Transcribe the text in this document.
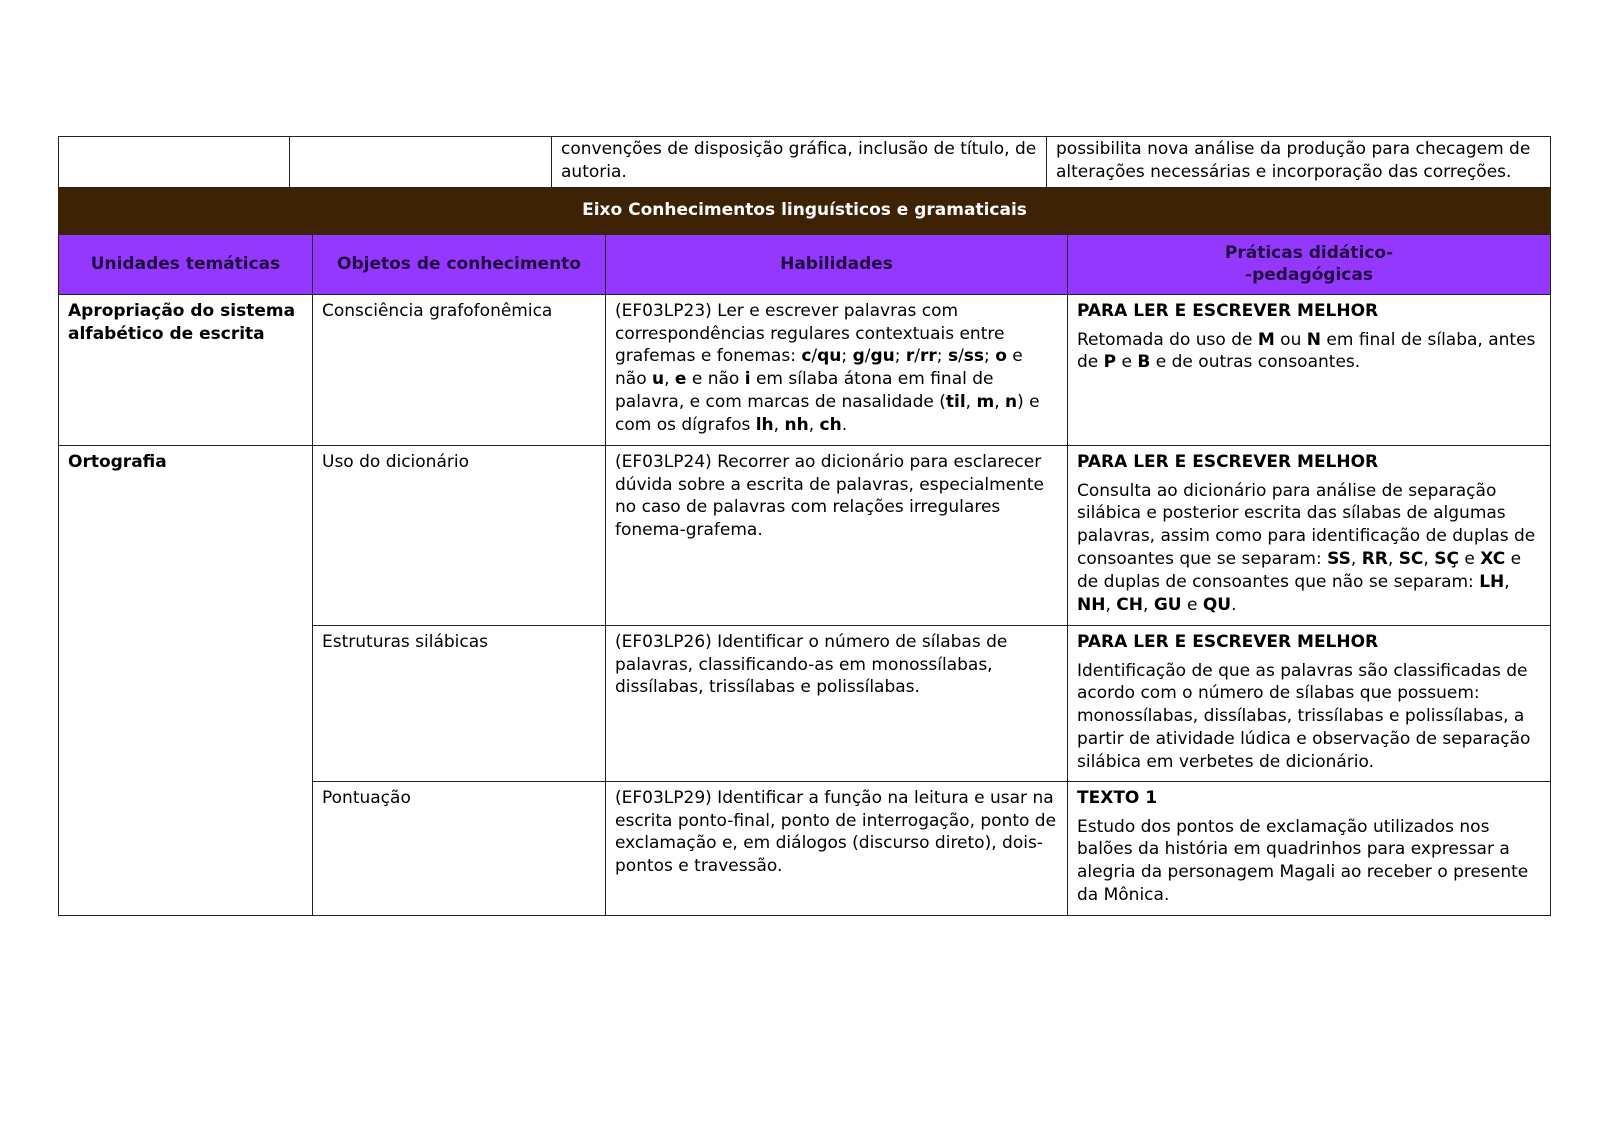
		convenções de disposição gráfica, inclusão de título, de autoria.	possibilita nova análise da produção para checagem de alterações necessárias e incorporação das correções.
Eixo Conhecimentos linguísticos e gramaticais			
Unidades temáticas	Objetos de conhecimento	Habilidades	Práticas didático-
-pedagógicas
Apropriação do sistema alfabético de escrita	Consciência grafofonêmica	(EF03LP23) Ler e escrever palavras com correspondências regulares contextuais entre grafemas e fonemas: c/qu; g/gu; r/rr; s/ss; o e não u, e e não i em sílaba átona em final de palavra, e com marcas de nasalidade (til, m, n) e com os dígrafos lh, nh, ch.	PARA LER E ESCREVER MELHOR
Retomada do uso de M ou N em final de sílaba, antes de P e B e de outras consoantes.

Ortografia	Uso do dicionário	(EF03LP24) Recorrer ao dicionário para esclarecer dúvida sobre a escrita de palavras, especialmente no caso de palavras com relações irregulares fonema-grafema.	PARA LER E ESCREVER MELHOR
Consulta ao dicionário para análise de separação silábica e posterior escrita das sílabas de algumas palavras, assim como para identificação de duplas de consoantes que se separam: SS, RR, SC, SÇ e XC e de duplas de consoantes que não se separam: LH, NH, CH, GU e QU.

	Estruturas silábicas	(EF03LP26) Identificar o número de sílabas de palavras, classificando-as em monossílabas, dissílabas, trissílabas e polissílabas.	PARA LER E ESCREVER MELHOR
Identificação de que as palavras são classificadas de acordo com o número de sílabas que possuem: monossílabas, dissílabas, trissílabas e polissílabas, a partir de atividade lúdica e observação de separação silábica em verbetes de dicionário.

	Pontuação	(EF03LP29) Identificar a função na leitura e usar na escrita ponto-final, ponto de interrogação, ponto de exclamação e, em diálogos (discurso direto), dois-pontos e travessão.	TEXTO 1
Estudo dos pontos de exclamação utilizados nos balões da história em quadrinhos para expressar a alegria da personagem Magali ao receber o presente da Mônica.
